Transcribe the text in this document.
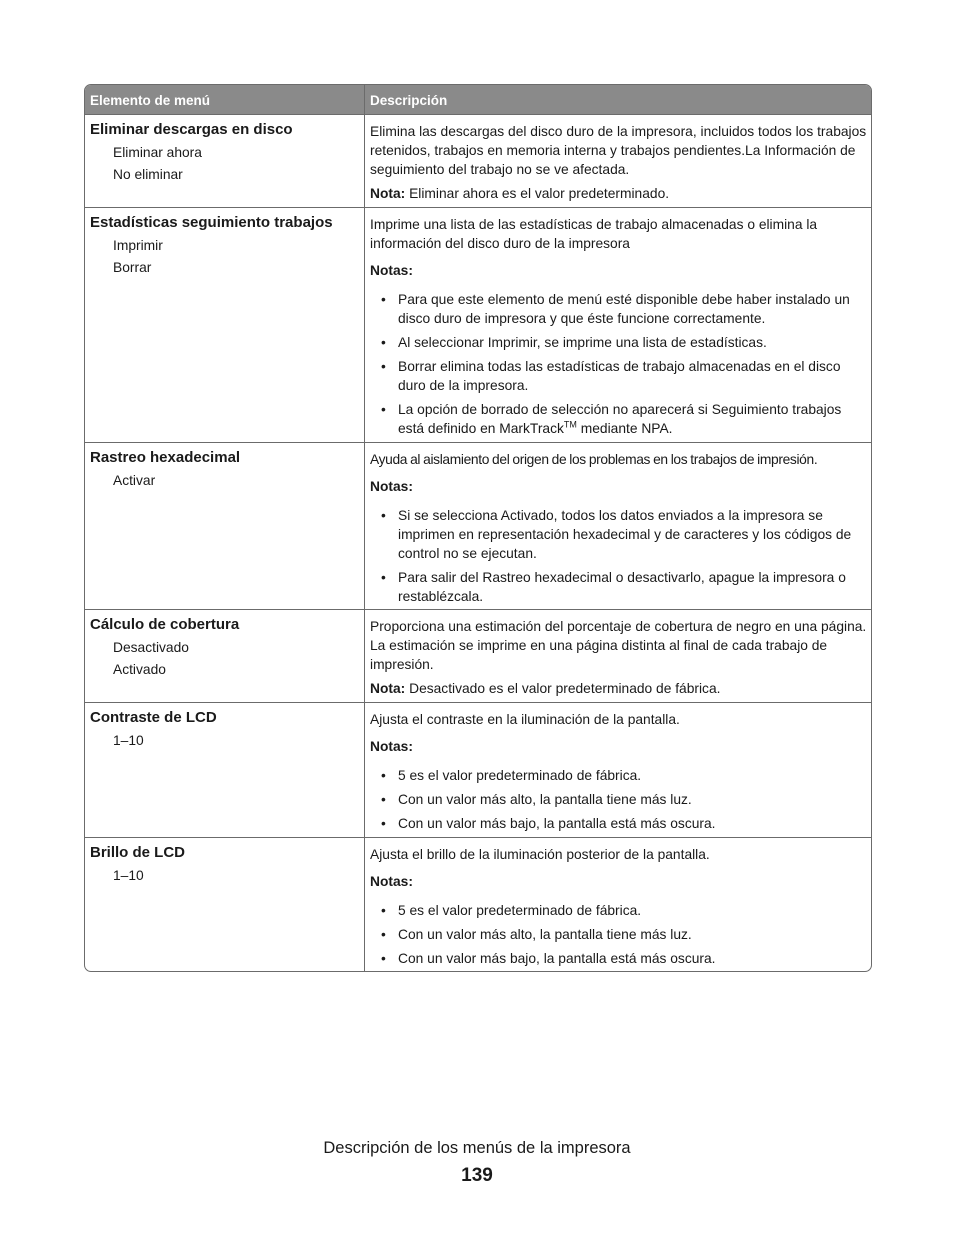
Elemento de menú	Descripción
Eliminar descargas en disco
Eliminar ahora
No eliminar

Elimina las descargas del disco duro de la impresora, incluidos todos los trabajos retenidos, trabajos en memoria interna y trabajos pendientes.La Información de seguimiento del trabajo no se ve afectada.

Nota: Eliminar ahora es el valor predeterminado.

Estadísticas seguimiento trabajos
Imprimir
Borrar

Imprime una lista de las estadísticas de trabajo almacenadas o elimina la información del disco duro de la impresora

Notas:
• Para que este elemento de menú esté disponible debe haber instalado un disco duro de impresora y que éste funcione correctamente.
• Al seleccionar Imprimir, se imprime una lista de estadísticas.
• Borrar elimina todas las estadísticas de trabajo almacenadas en el disco duro de la impresora.
• La opción de borrado de selección no aparecerá si Seguimiento trabajos está definido en MarkTrack™ mediante NPA.
Rastreo hexadecimal
Activar

Ayuda al aislamiento del origen de los problemas en los trabajos de impresión.

Notas:
• Si se selecciona Activado, todos los datos enviados a la impresora se imprimen en representación hexadecimal y de caracteres y los códigos de control no se ejecutan.
• Para salir del Rastreo hexadecimal o desactivarlo, apague la impresora o restablézcala.
Cálculo de cobertura
Desactivado
Activado

Proporciona una estimación del porcentaje de cobertura de negro en una página. La estimación se imprime en una página distinta al final de cada trabajo de impresión.

Nota: Desactivado es el valor predeterminado de fábrica.

Contraste de LCD
1–10

Ajusta el contraste en la iluminación de la pantalla.

Notas:
• 5 es el valor predeterminado de fábrica.
• Con un valor más alto, la pantalla tiene más luz.
• Con un valor más bajo, la pantalla está más oscura.
Brillo de LCD
1–10

Ajusta el brillo de la iluminación posterior de la pantalla.

Notas:
• 5 es el valor predeterminado de fábrica.
• Con un valor más alto, la pantalla tiene más luz.
• Con un valor más bajo, la pantalla está más oscura.
Descripción de los menús de la impresora
139
